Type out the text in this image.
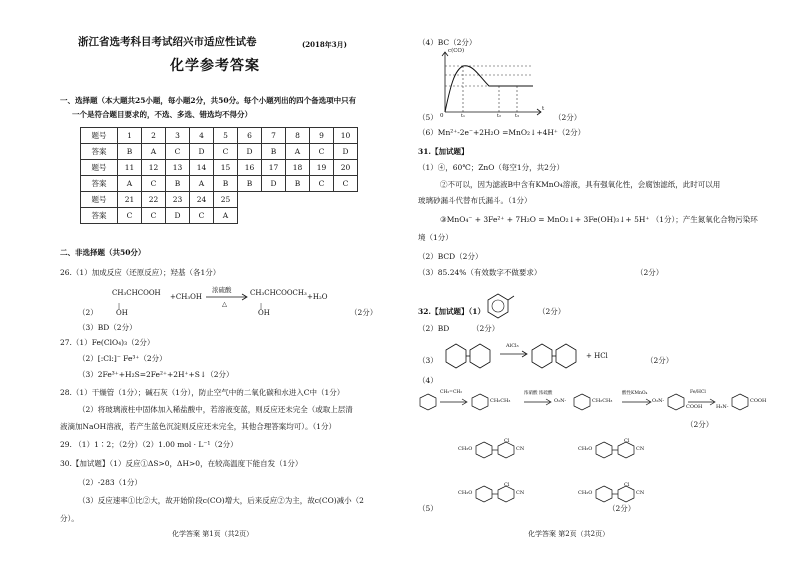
浙江省选考科目考试绍兴市适应性试卷	(2018年3月)
化学参考答案
一、选择题（本大题共25小题，每小题2分，共50分。每个小题列出的四个备选项中只有
一个是符合题目要求的，不选、多选、错选均不得分）
题号	1	2	3	4	5	6	7	8	9	10
答案	B	A	C	D	C	D	B	A	C	D
题号	11	12	13	14	15	16	17	18	19	20
答案	A	C	B	A	B	B	D	B	C	C
题号	21	22	23	24	25					
答案	C	C	D	C	A					
二、非选择题（共50分）
26.（1）加成反应（还原反应）；羟基（各1分）
（2）
CH₃CHCOOH
|
OH
+CH₃OH
浓硫酸
△
CH₃CHCOOCH₃
|
OH
+H₂O
（2分）
（3）BD（2分）
27.（1）Fe(ClO₄)₃（2分）
（2）[:Cl:]⁻ Fe³⁺（2分）
（3）2Fe³⁺+H₂S=2Fe²⁺+2H⁺+S↓（2分）
28.（1）干燥管（1分）；碱石灰（1分），防止空气中的二氧化碳和水进入C中（1分）
（2）将玻璃液柱中固体加入稀盐酸中，若溶液变蓝，则反应还未完全（或取上层清
液滴加NaOH溶液，若产生蓝色沉淀则反应还未完全，其他合理答案均可）。（1分）
29. （1）1∶2；（2分）（2）1.00 mol · L⁻¹（2分）
30.【加试题】（1）反应①ΔS>0，ΔH>0，在较高温度下能自发（1分）
（2）-283（1分）
（3）反应速率①比②大，故开始阶段c(CO)增大，后来反应②为主，故c(CO)减小（2
分）。
化学答案 第1页（共2页）
（4）BC（2分）
c(CO)
0	t₁	t₂	t₃
t
（5）	（2分）
（6）Mn²⁺-2e⁻+2H₂O =MnO₂↓+4H⁺（2分）
31.【加试题】
（1）④，60℃；ZnO（每空1分，共2分）
②不可以，因为滤液B中含有KMnO₄溶液，具有强氧化性，会腐蚀滤纸，此时可以用
玻璃砂漏斗代替布氏漏斗。（1分）
③MnO₄⁻ + 3Fe²⁺ + 7H₂O = MnO₂↓+ 3Fe(OH)₃↓+ 5H⁺ （1分）；产生氮氧化合物污染环
境（1分）
（2）BCD（2分）
（3）85.24%（有效数字不做要求）	（2分）
32.【加试题】（1）	（2分）
（2）BD	（2分）
（3）
AlCl₃
+ HCl	（2分）
（4）
CH₂=CH₂
CH₂CH₃
浓硝酸 浓硫酸
O₂N-	CH₂CH₃
酸性KMnO₄
O₂N-
COOH
Fe/HCl
H₂N-
COOH
（2分）
CH₃O	CN	CH₃O	CN
CH₃O	CN	CH₃O	CN
Cl	Cl
Cl	Cl
（5）	（2分）
化学答案 第2页（共2页）
